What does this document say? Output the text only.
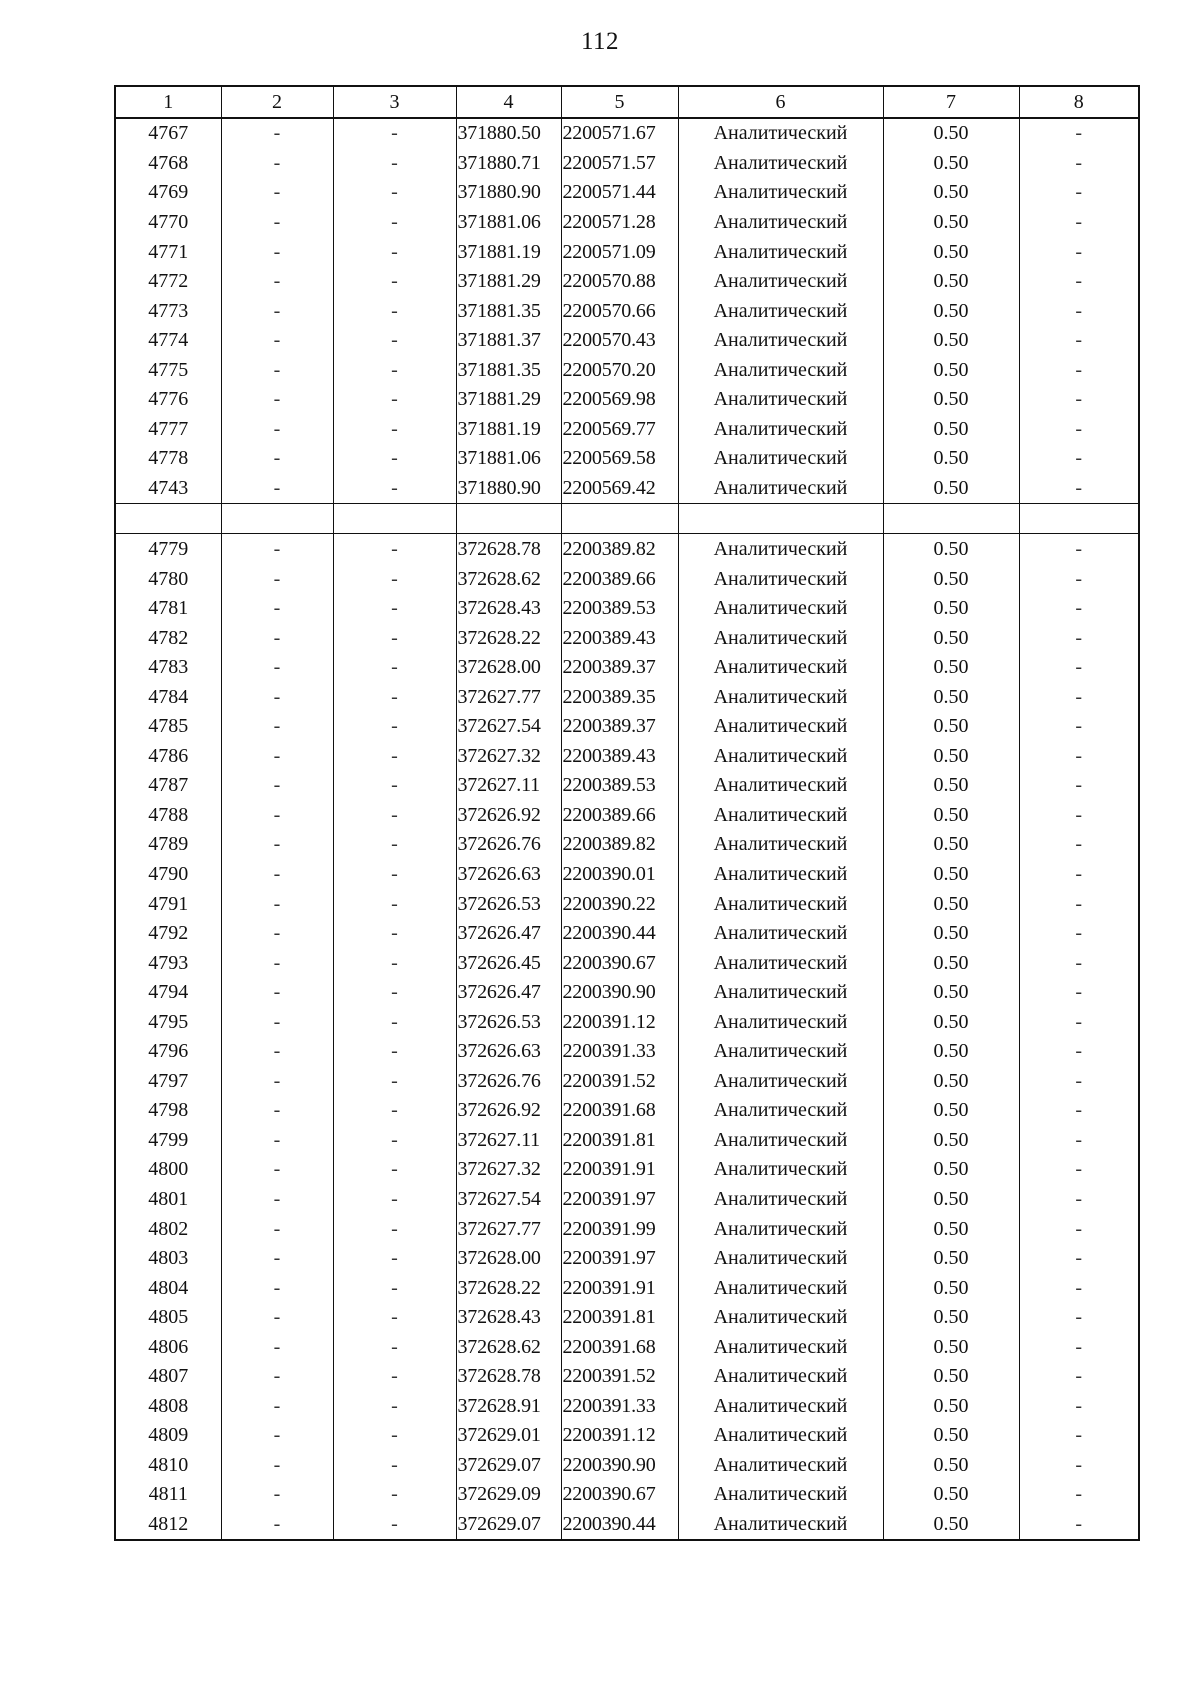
112
1	2	3	4	5	6	7	8
4767	-	-	371880.50	2200571.67	Аналитический	0.50	-
4768	-	-	371880.71	2200571.57	Аналитический	0.50	-
4769	-	-	371880.90	2200571.44	Аналитический	0.50	-
4770	-	-	371881.06	2200571.28	Аналитический	0.50	-
4771	-	-	371881.19	2200571.09	Аналитический	0.50	-
4772	-	-	371881.29	2200570.88	Аналитический	0.50	-
4773	-	-	371881.35	2200570.66	Аналитический	0.50	-
4774	-	-	371881.37	2200570.43	Аналитический	0.50	-
4775	-	-	371881.35	2200570.20	Аналитический	0.50	-
4776	-	-	371881.29	2200569.98	Аналитический	0.50	-
4777	-	-	371881.19	2200569.77	Аналитический	0.50	-
4778	-	-	371881.06	2200569.58	Аналитический	0.50	-
4743	-	-	371880.90	2200569.42	Аналитический	0.50	-

4779	-	-	372628.78	2200389.82	Аналитический	0.50	-
4780	-	-	372628.62	2200389.66	Аналитический	0.50	-
4781	-	-	372628.43	2200389.53	Аналитический	0.50	-
4782	-	-	372628.22	2200389.43	Аналитический	0.50	-
4783	-	-	372628.00	2200389.37	Аналитический	0.50	-
4784	-	-	372627.77	2200389.35	Аналитический	0.50	-
4785	-	-	372627.54	2200389.37	Аналитический	0.50	-
4786	-	-	372627.32	2200389.43	Аналитический	0.50	-
4787	-	-	372627.11	2200389.53	Аналитический	0.50	-
4788	-	-	372626.92	2200389.66	Аналитический	0.50	-
4789	-	-	372626.76	2200389.82	Аналитический	0.50	-
4790	-	-	372626.63	2200390.01	Аналитический	0.50	-
4791	-	-	372626.53	2200390.22	Аналитический	0.50	-
4792	-	-	372626.47	2200390.44	Аналитический	0.50	-
4793	-	-	372626.45	2200390.67	Аналитический	0.50	-
4794	-	-	372626.47	2200390.90	Аналитический	0.50	-
4795	-	-	372626.53	2200391.12	Аналитический	0.50	-
4796	-	-	372626.63	2200391.33	Аналитический	0.50	-
4797	-	-	372626.76	2200391.52	Аналитический	0.50	-
4798	-	-	372626.92	2200391.68	Аналитический	0.50	-
4799	-	-	372627.11	2200391.81	Аналитический	0.50	-
4800	-	-	372627.32	2200391.91	Аналитический	0.50	-
4801	-	-	372627.54	2200391.97	Аналитический	0.50	-
4802	-	-	372627.77	2200391.99	Аналитический	0.50	-
4803	-	-	372628.00	2200391.97	Аналитический	0.50	-
4804	-	-	372628.22	2200391.91	Аналитический	0.50	-
4805	-	-	372628.43	2200391.81	Аналитический	0.50	-
4806	-	-	372628.62	2200391.68	Аналитический	0.50	-
4807	-	-	372628.78	2200391.52	Аналитический	0.50	-
4808	-	-	372628.91	2200391.33	Аналитический	0.50	-
4809	-	-	372629.01	2200391.12	Аналитический	0.50	-
4810	-	-	372629.07	2200390.90	Аналитический	0.50	-
4811	-	-	372629.09	2200390.67	Аналитический	0.50	-
4812	-	-	372629.07	2200390.44	Аналитический	0.50	-
